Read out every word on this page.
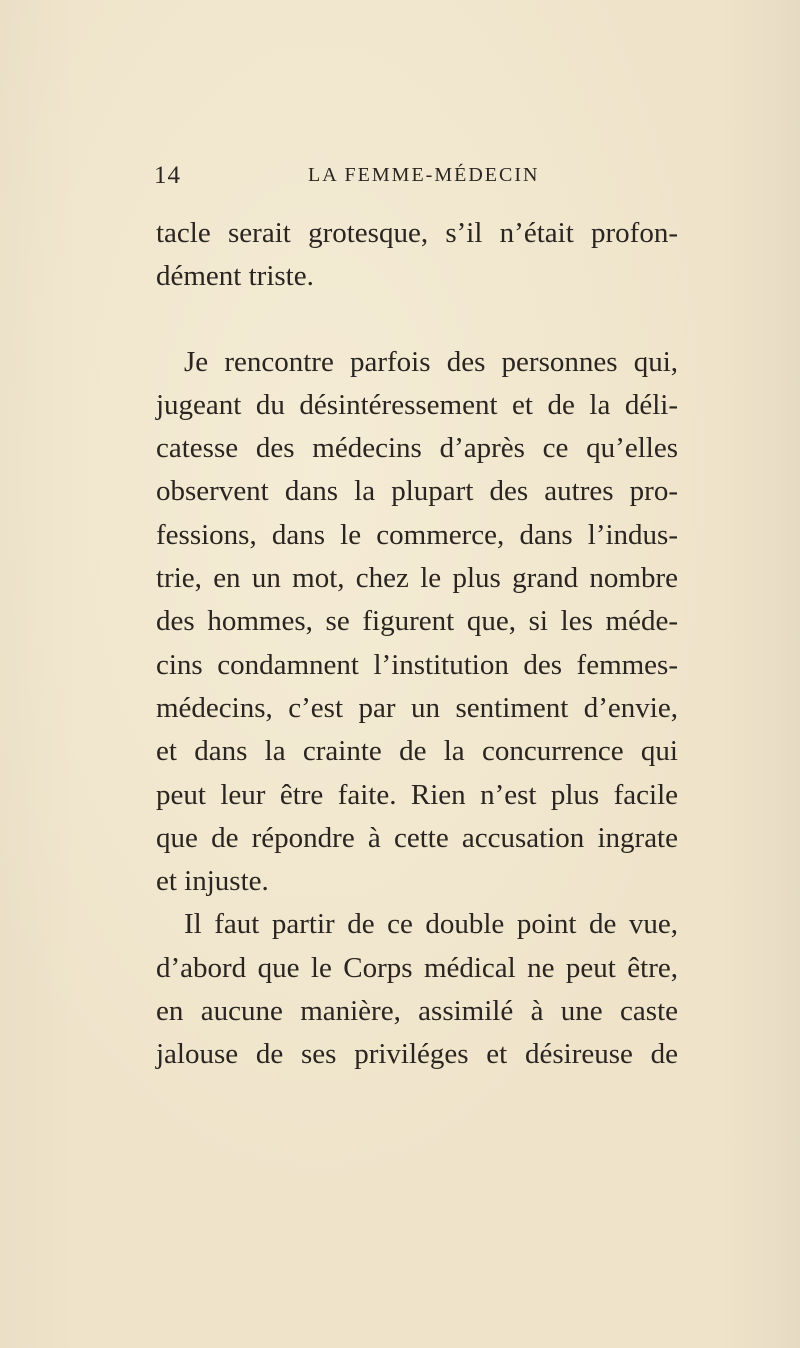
14	LA FEMME-MÉDECIN
tacle serait grotesque, s’il n’était profon-
dément triste.
Je rencontre parfois des personnes qui,
jugeant du désintéressement et de la déli-
catesse des médecins d’après ce qu’elles
observent dans la plupart des autres pro-
fessions, dans le commerce, dans l’indus-
trie, en un mot, chez le plus grand nombre
des hommes, se figurent que, si les méde-
cins condamnent l’institution des femmes-
médecins, c’est par un sentiment d’envie,
et dans la crainte de la concurrence qui
peut leur être faite. Rien n’est plus facile
que de répondre à cette accusation ingrate
et injuste.
Il faut partir de ce double point de vue,
d’abord que le Corps médical ne peut être,
en aucune manière, assimilé à une caste
jalouse de ses priviléges et désireuse de
